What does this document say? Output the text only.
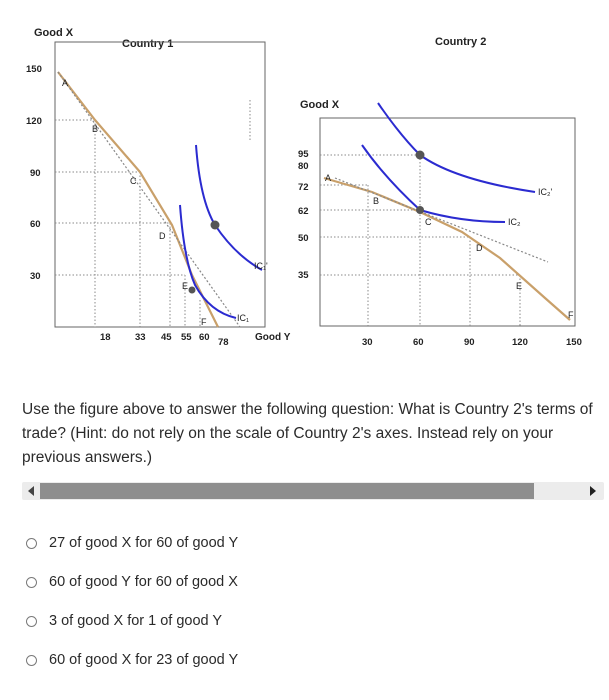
Good X
Country 1
150
120
90
60
30
A
B
C
D
E
F
IC₁'
IC₁
18	33 45 55 60 78	Good Y
Country 2
Good X
95
80
72
62
50
35
A
B
C
D
E
F
IC₂'
IC₂
30	60	90	120	150
Use the figure above to answer the following question: What is Country 2's terms of trade? (Hint: do not rely on the scale of Country 2's axes. Instead rely on your previous answers.)
27 of good X for 60 of good Y
60 of good Y for 60 of good X
3 of good X for 1 of good Y
60 of good X for 23 of good Y
